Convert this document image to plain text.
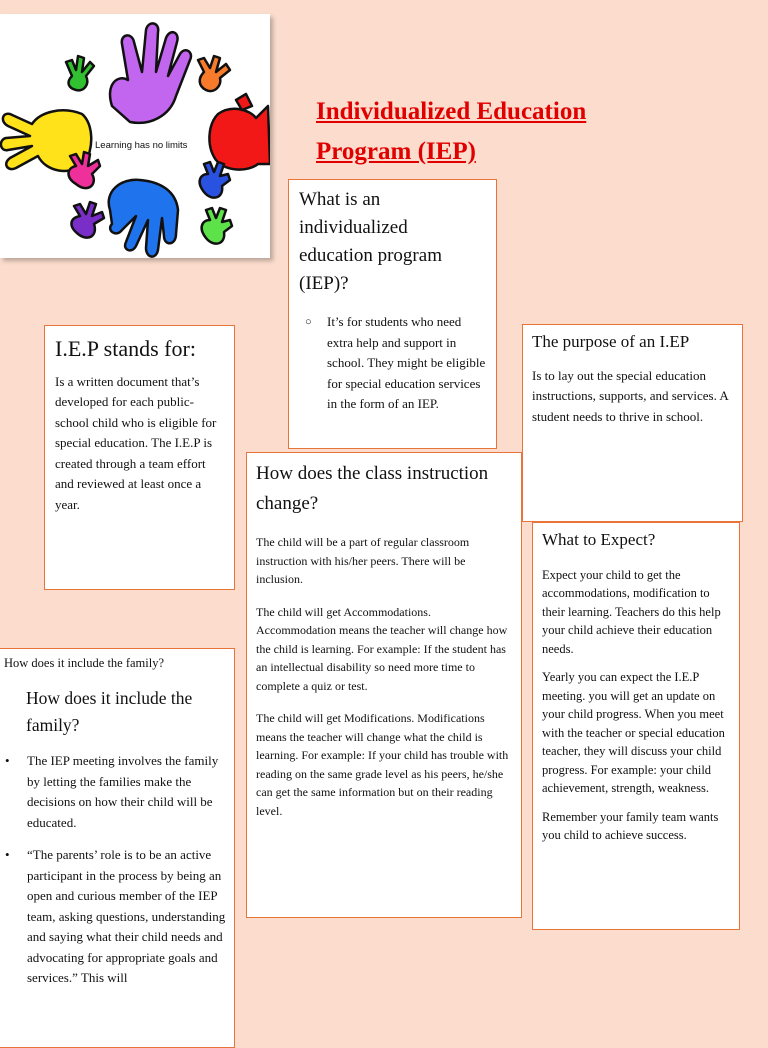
Learning has no limits
Individualized Education
Program (IEP)
What is an individualized education program (IEP)?
○ It’s for students who need extra help and support in school. They might be eligible for special education services in the form of an IEP.
I.E.P stands for:

Is a written document that’s developed for each public-school child who is eligible for special education. The I.E.P is created through a team effort and reviewed at least once a year.

The purpose of an I.EP

Is to lay out the special education instructions, supports, and services. A student needs to thrive in school.

How does the class instruction change?

The child will be a part of regular classroom instruction with his/her peers. There will be inclusion.

The child will get Accommodations. Accommodation means the teacher will change how the child is learning. For example: If the student has an intellectual disability so need more time to complete a quiz or test.

The child will get Modifications. Modifications means the teacher will change what the child is learning. For example: If your child has trouble with reading on the same grade level as his peers, he/she can get the same information but on their reading level.

What to Expect?

Expect your child to get the accommodations, modification to their learning. Teachers do this help your child achieve their education needs.

Yearly you can expect the I.E.P meeting. you will get an update on your child progress. When you meet with the teacher or special education teacher, they will discuss your child progress. For example: your child achievement, strength, weakness.

Remember your family team wants you child to achieve success.

How does it include the family?
How does it include the family?
• The IEP meeting involves the family by letting the families make the decisions on how their child will be educated.
• “The parents’ role is to be an active participant in the process by being an open and curious member of the IEP team, asking questions, understanding and saying what their child needs and advocating for appropriate goals and services.” This will
